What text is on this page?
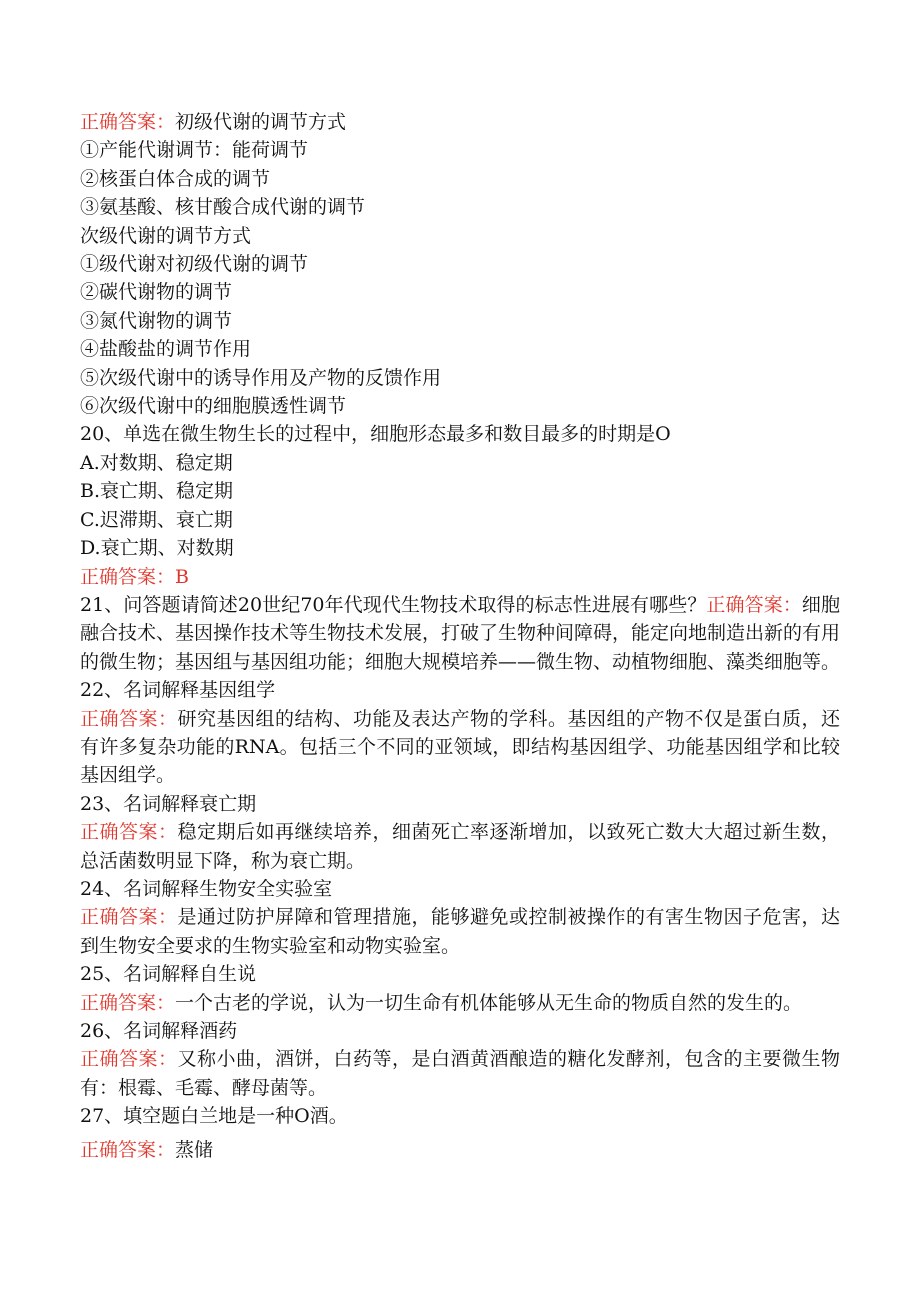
正确答案：初级代谢的调节方式
①产能代谢调节：能荷调节
②核蛋白体合成的调节
③氨基酸、核甘酸合成代谢的调节
次级代谢的调节方式
①级代谢对初级代谢的调节
②碳代谢物的调节
③氮代谢物的调节
④盐酸盐的调节作用
⑤次级代谢中的诱导作用及产物的反馈作用
⑥次级代谢中的细胞膜透性调节
20、单选在微生物生长的过程中，细胞形态最多和数目最多的时期是O
A.对数期、稳定期
B.衰亡期、稳定期
C.迟滞期、衰亡期
D.衰亡期、对数期
正确答案：B
21、问答题请简述20世纪70年代现代生物技术取得的标志性进展有哪些？正确答案：细胞融合技术、基因操作技术等生物技术发展，打破了生物种间障碍，能定向地制造出新的有用的微生物；基因组与基因组功能；细胞大规模培养——微生物、动植物细胞、藻类细胞等。
22、名词解释基因组学
正确答案：研究基因组的结构、功能及表达产物的学科。基因组的产物不仅是蛋白质，还有许多复杂功能的RNA。包括三个不同的亚领域，即结构基因组学、功能基因组学和比较基因组学。
23、名词解释衰亡期
正确答案：稳定期后如再继续培养，细菌死亡率逐渐增加，以致死亡数大大超过新生数，总活菌数明显下降，称为衰亡期。
24、名词解释生物安全实验室
正确答案：是通过防护屏障和管理措施，能够避免或控制被操作的有害生物因子危害，达到生物安全要求的生物实验室和动物实验室。
25、名词解释自生说
正确答案：一个古老的学说，认为一切生命有机体能够从无生命的物质自然的发生的。
26、名词解释酒药
正确答案：又称小曲，酒饼，白药等，是白酒黄酒酿造的糖化发酵剂，包含的主要微生物有：根霉、毛霉、酵母菌等。
27、填空题白兰地是一种O酒。
正确答案：蒸储
